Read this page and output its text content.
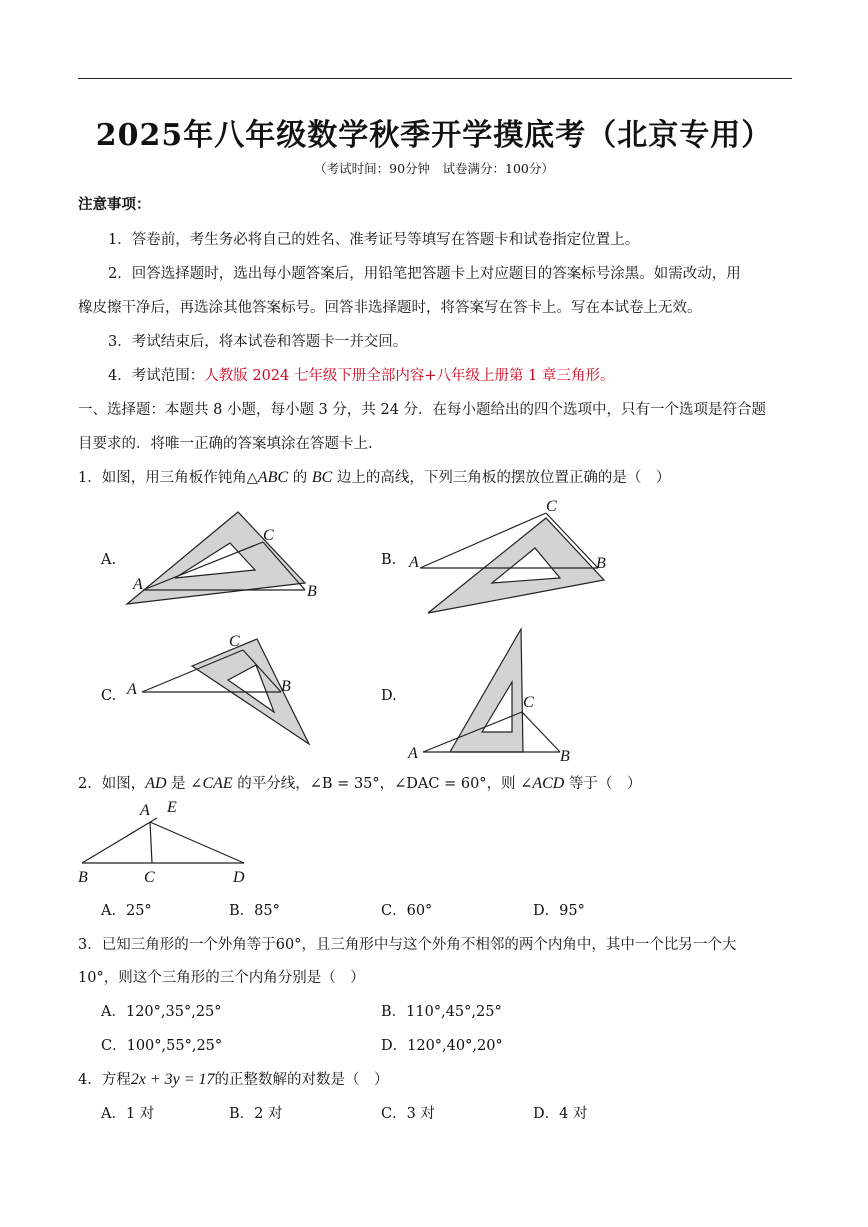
2025年八年级数学秋季开学摸底考（北京专用）
（考试时间：90分钟　试卷满分：100分）
注意事项：
1．答卷前，考生务必将自己的姓名、准考证号等填写在答题卡和试卷指定位置上。
2．回答选择题时，选出每小题答案后，用铅笔把答题卡上对应题目的答案标号涂黑。如需改动，用
橡皮擦干净后，再选涂其他答案标号。回答非选择题时，将答案写在答卡上。写在本试卷上无效。
3．考试结束后，将本试卷和答题卡一并交回。
4．考试范围：人教版 2024 七年级下册全部内容+八年级上册第 1 章三角形。
一、选择题：本题共 8 小题，每小题 3 分，共 24 分．在每小题给出的四个选项中，只有一个选项是符合题
目要求的．将唯一正确的答案填涂在答题卡上.
1．如图，用三角板作钝角△ABC 的 BC 边上的高线，下列三角板的摆放位置正确的是（　）
A	B
C
A	B
C
A	B
C
A	B
C
A E
B	C	D
A.	B.
C.	D.
2．如图，AD 是 ∠CAE 的平分线，∠B = 35°，∠DAC = 60°，则 ∠ACD 等于（　）
A．25°	B．85°	C．60°	D．95°
3．已知三角形的一个外角等于60°，且三角形中与这个外角不相邻的两个内角中，其中一个比另一个大
10°，则这个三角形的三个内角分别是（　）
A．120°,35°,25°	B．110°,45°,25°
C．100°,55°,25°	D．120°,40°,20°
4．方程2x + 3y = 17的正整数解的对数是（　）
A．1 对	B．2 对	C．3 对	D．4 对
